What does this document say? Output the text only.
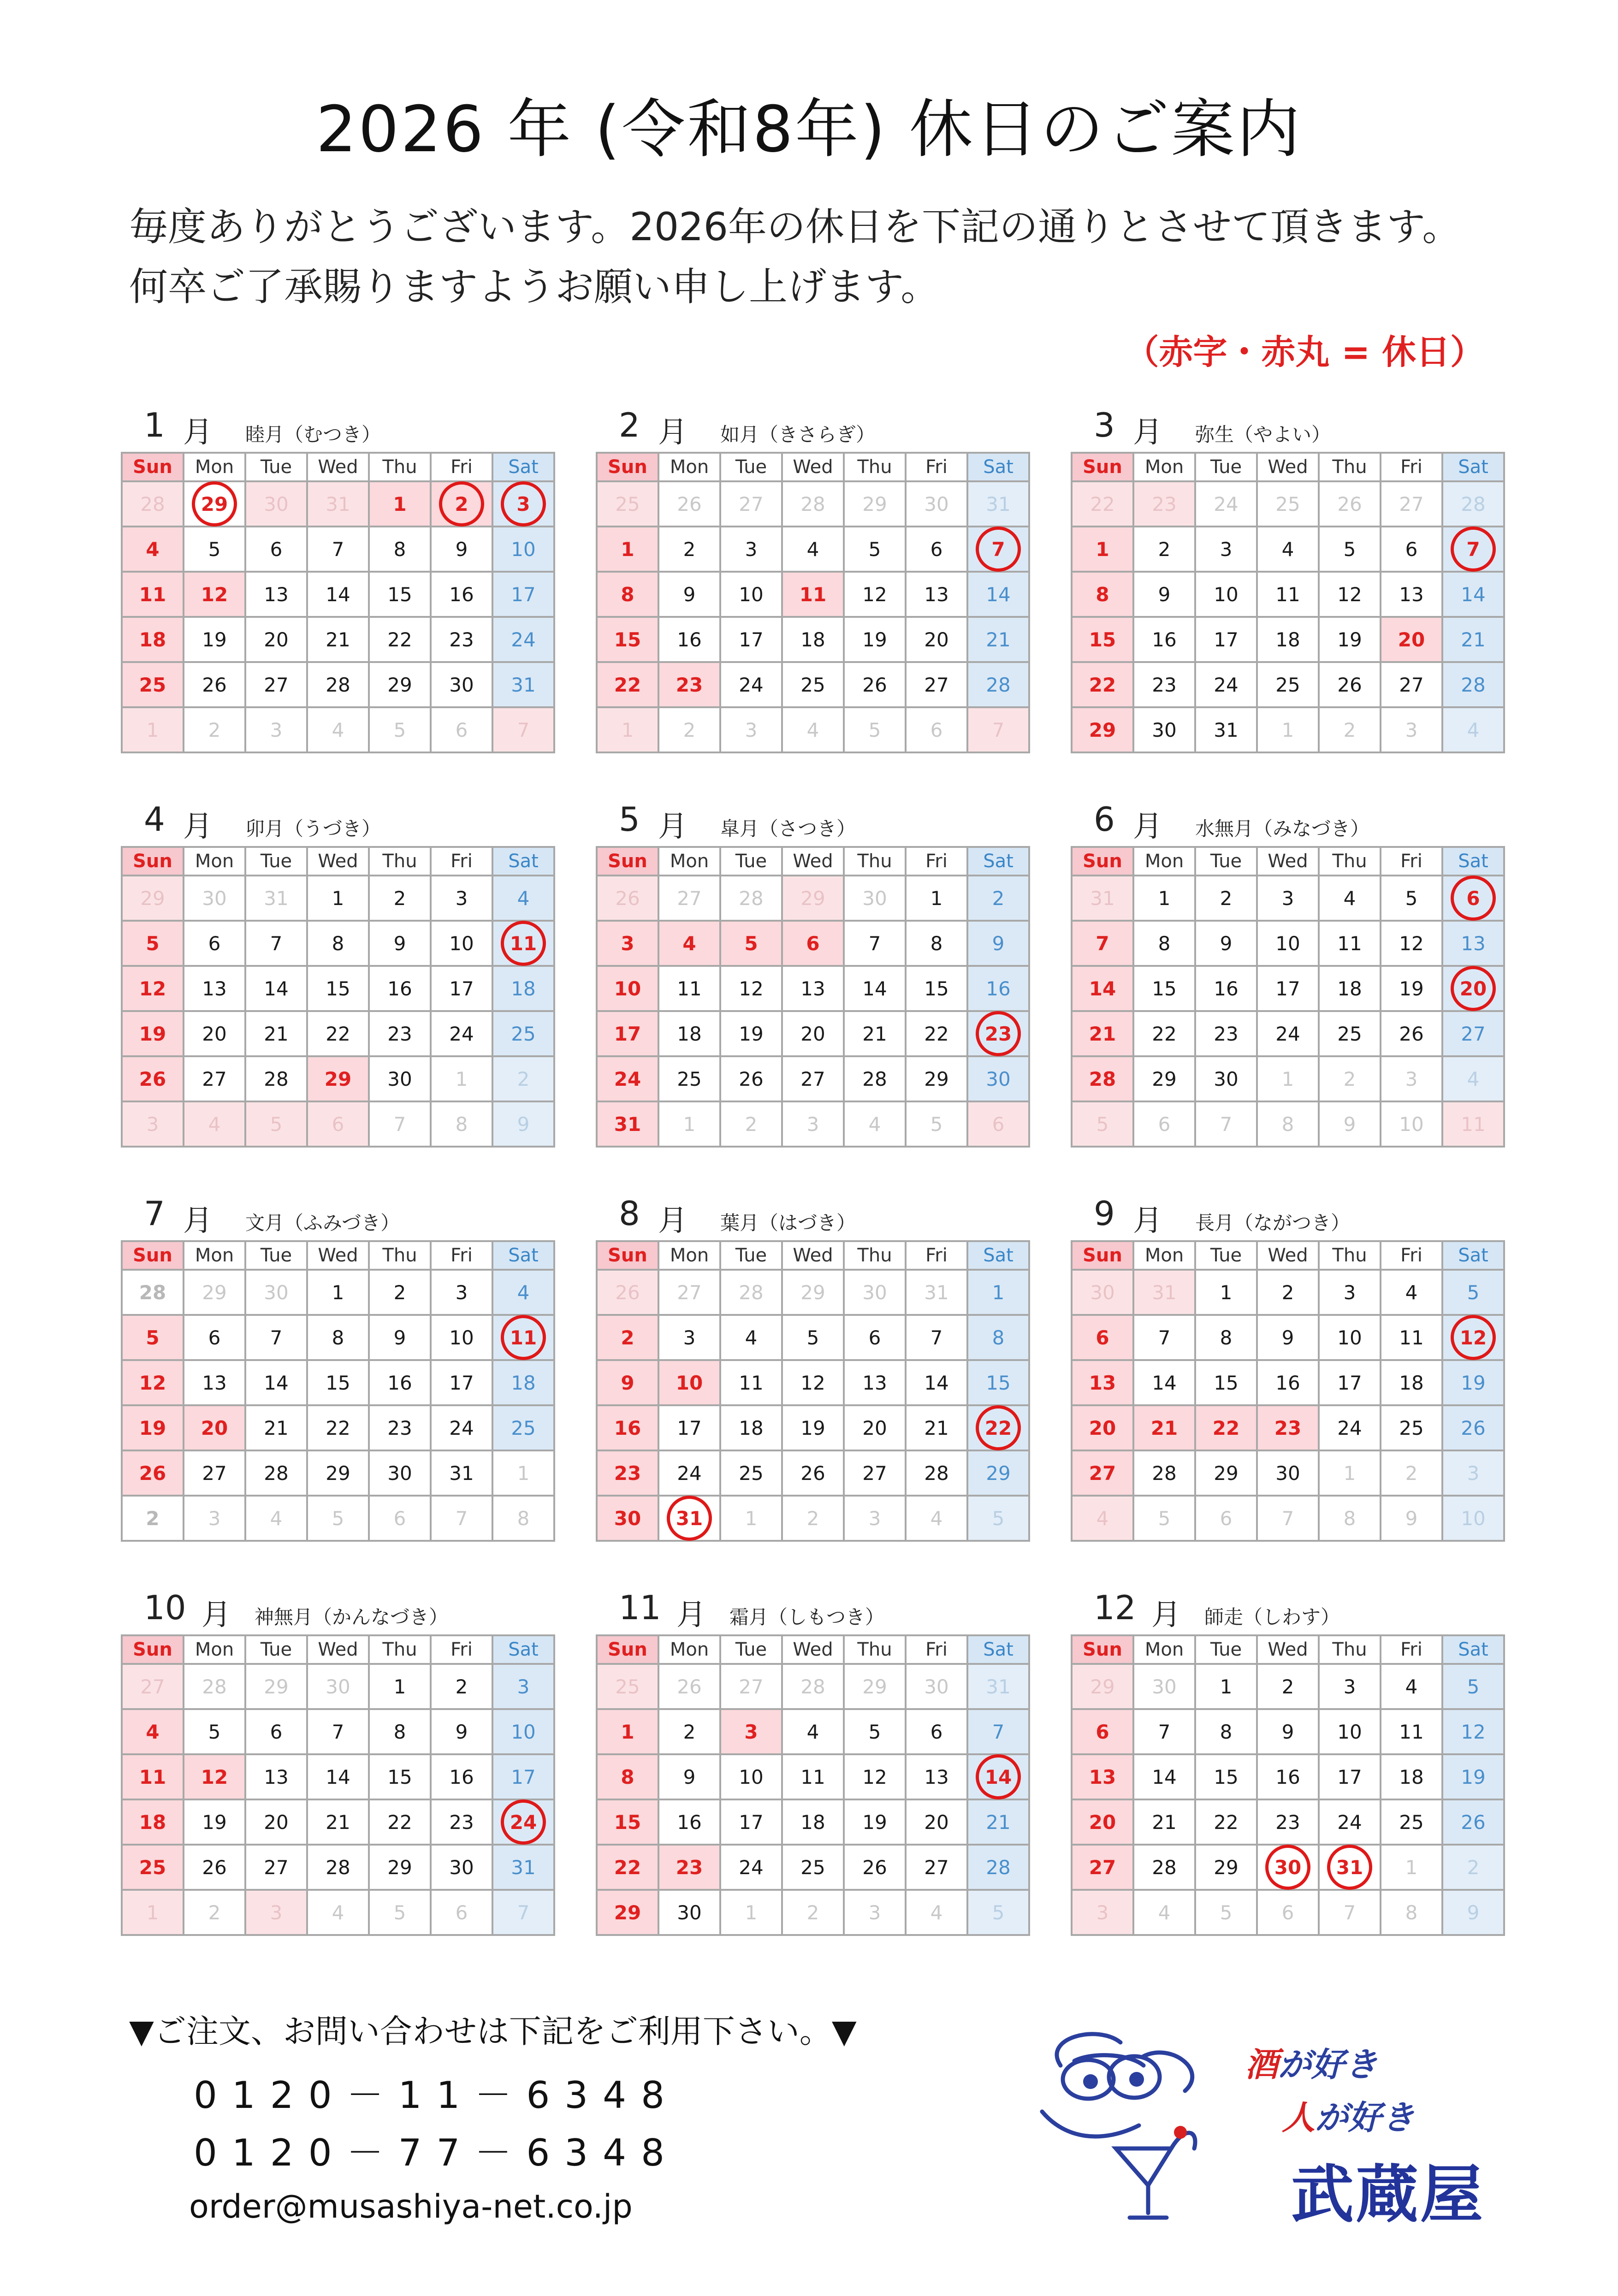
2026 年 (令和8年) 休日のご案内
毎度ありがとうございます。2026年の休日を下記の通りとさせて頂きます。
何卒ご了承賜りますようお願い申し上げます。
（赤字・赤丸 = 休日）
1 月 睦月（むつき）
Sun	Mon	Tue	Wed	Thu	Fri	Sat
28	29	30	31	1	2	3

4	5	6	7	8	9	10
11	12	13	14	15	16	17
18	19	20	21	22	23	24
25	26	27	28	29	30	31
1	2	3	4	5	6	7
2 月 如月（きさらぎ）
Sun	Mon	Tue	Wed	Thu	Fri	Sat
25	26	27	28	29	30	31
1	2	3	4	5	6	7

8	9	10	11	12	13	14
15	16	17	18	19	20	21
22	23	24	25	26	27	28
1	2	3	4	5	6	7
3 月 弥生（やよい）
Sun	Mon	Tue	Wed	Thu	Fri	Sat
22	23	24	25	26	27	28
1	2	3	4	5	6	7

8	9	10	11	12	13	14
15	16	17	18	19	20	21
22	23	24	25	26	27	28
29	30	31	1	2	3	4
4 月 卯月（うづき）
Sun	Mon	Tue	Wed	Thu	Fri	Sat
29	30	31	1	2	3	4
5	6	7	8	9	10	11

12	13	14	15	16	17	18
19	20	21	22	23	24	25
26	27	28	29	30	1	2
3	4	5	6	7	8	9
5 月 皐月（さつき）
Sun	Mon	Tue	Wed	Thu	Fri	Sat
26	27	28	29	30	1	2
3	4	5	6	7	8	9
10	11	12	13	14	15	16
17	18	19	20	21	22	23

24	25	26	27	28	29	30
31	1	2	3	4	5	6
6 月 水無月（みなづき）
Sun	Mon	Tue	Wed	Thu	Fri	Sat
31	1	2	3	4	5	6

7	8	9	10	11	12	13
14	15	16	17	18	19	20

21	22	23	24	25	26	27
28	29	30	1	2	3	4
5	6	7	8	9	10	11
7 月 文月（ふみづき）
Sun	Mon	Tue	Wed	Thu	Fri	Sat
28	29	30	1	2	3	4
5	6	7	8	9	10	11

12	13	14	15	16	17	18
19	20	21	22	23	24	25
26	27	28	29	30	31	1
2	3	4	5	6	7	8
8 月 葉月（はづき）
Sun	Mon	Tue	Wed	Thu	Fri	Sat
26	27	28	29	30	31	1
2	3	4	5	6	7	8
9	10	11	12	13	14	15
16	17	18	19	20	21	22

23	24	25	26	27	28	29
30	31	1	2	3	4	5
9 月 長月（ながつき）
Sun	Mon	Tue	Wed	Thu	Fri	Sat
30	31	1	2	3	4	5
6	7	8	9	10	11	12

13	14	15	16	17	18	19
20	21	22	23	24	25	26
27	28	29	30	1	2	3
4	5	6	7	8	9	10
10 月 神無月（かんなづき）
Sun	Mon	Tue	Wed	Thu	Fri	Sat
27	28	29	30	1	2	3
4	5	6	7	8	9	10
11	12	13	14	15	16	17
18	19	20	21	22	23	24

25	26	27	28	29	30	31
1	2	3	4	5	6	7
11 月 霜月（しもつき）
Sun	Mon	Tue	Wed	Thu	Fri	Sat
25	26	27	28	29	30	31
1	2	3	4	5	6	7
8	9	10	11	12	13	14

15	16	17	18	19	20	21
22	23	24	25	26	27	28
29	30	1	2	3	4	5
12 月 師走（しわす）
Sun	Mon	Tue	Wed	Thu	Fri	Sat
29	30	1	2	3	4	5
6	7	8	9	10	11	12
13	14	15	16	17	18	19
20	21	22	23	24	25	26
27	28	29	30	31	1	2
3	4	5	6	7	8	9
▼ご注文、お問い合わせは下記をご利用下さい。▼
0120－11－6348
0120－77－6348
order@musashiya-net.co.jp
酒が好き
人が好き
武蔵屋
